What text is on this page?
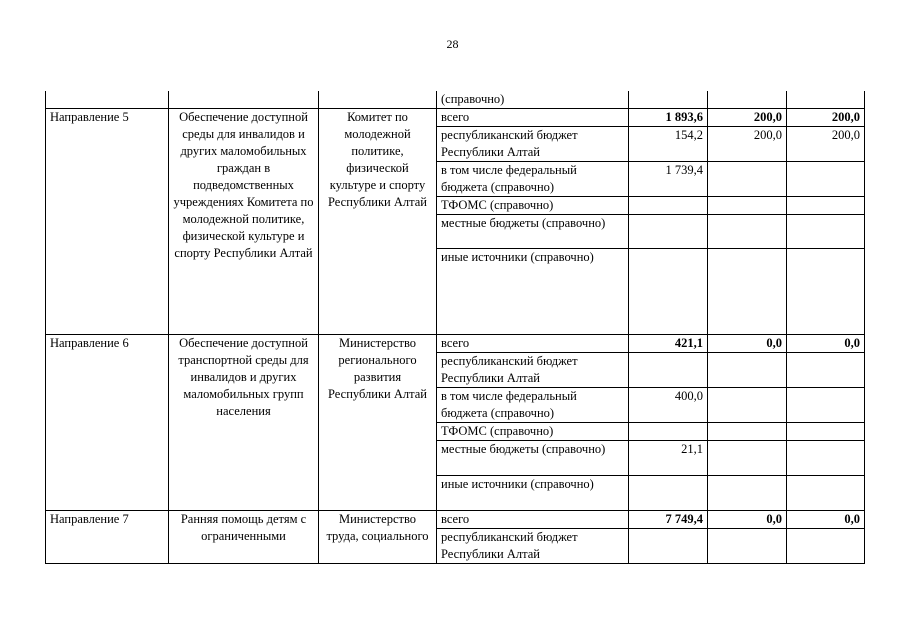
28
			(справочно)			
Направление 5	Обеспечение доступной среды для инвалидов и других маломобильных граждан в подведомственных учреждениях Комитета по молодежной политике, физической культуре и спорту Республики Алтай	Комитет по молодежной политике, физической культуре и спорту Республики Алтай	всего	1 893,6	200,0	200,0
			республиканский бюджет Республики Алтай	154,2	200,0	200,0
			в том числе федеральный бюджета (справочно)	1 739,4		
			ТФОМС (справочно)			
			местные бюджеты (справочно)			
			иные источники (справочно)			
Направление 6	Обеспечение доступной транспортной среды для инвалидов и других маломобильных групп населения	Министерство регионального развития Республики Алтай	всего	421,1	0,0	0,0
			республиканский бюджет Республики Алтай			
			в том числе федеральный бюджета (справочно)	400,0		
			ТФОМС (справочно)			
			местные бюджеты (справочно)	21,1		
			иные источники (справочно)			
Направление 7	Ранняя помощь детям с ограниченными	Министерство труда, социального	всего	7 749,4	0,0	0,0
			республиканский бюджет Республики Алтай			
